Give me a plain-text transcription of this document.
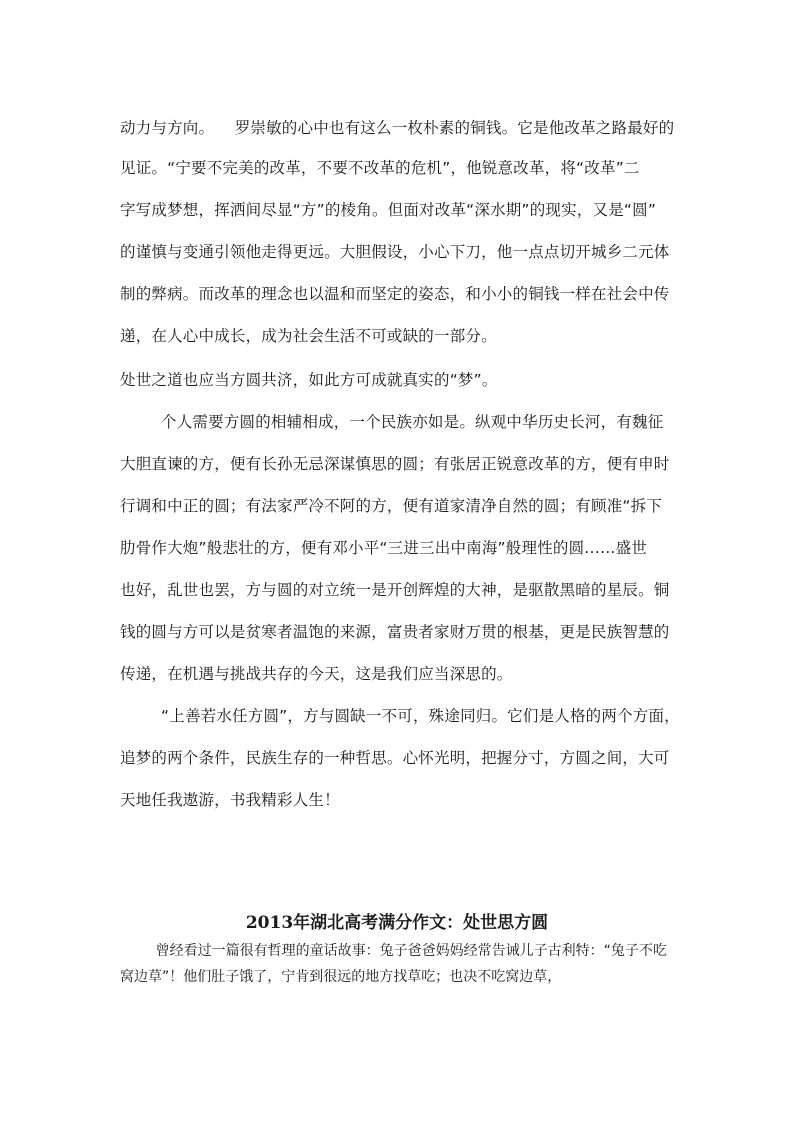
动力与方向。    罗崇敏的心中也有这么一枚朴素的铜钱。它是他改革之路最好的
见证。“宁要不完美的改革，不要不改革的危机”，他锐意改革，将“改革”二
字写成梦想，挥洒间尽显“方”的棱角。但面对改革“深水期”的现实，又是“圆”
的谨慎与变通引领他走得更远。大胆假设，小心下刀，他一点点切开城乡二元体
制的弊病。而改革的理念也以温和而坚定的姿态，和小小的铜钱一样在社会中传
递，在人心中成长，成为社会生活不可或缺的一部分。
处世之道也应当方圆共济，如此方可成就真实的“梦”。
个人需要方圆的相辅相成，一个民族亦如是。纵观中华历史长河，有魏征
大胆直谏的方，便有长孙无忌深谋慎思的圆；有张居正锐意改革的方，便有申时
行调和中正的圆；有法家严冷不阿的方，便有道家清净自然的圆；有顾准“拆下
肋骨作大炮”般悲壮的方，便有邓小平“三进三出中南海”般理性的圆……盛世
也好，乱世也罢，方与圆的对立统一是开创辉煌的大神，是驱散黑暗的星辰。铜
钱的圆与方可以是贫寒者温饱的来源，富贵者家财万贯的根基，更是民族智慧的
传递，在机遇与挑战共存的今天，这是我们应当深思的。
“上善若水任方圆”，方与圆缺一不可，殊途同归。它们是人格的两个方面，
追梦的两个条件，民族生存的一种哲思。心怀光明，把握分寸，方圆之间，大可
天地任我遨游，书我精彩人生！
2013年湖北高考满分作文：处世思方圆
曾经看过一篇很有哲理的童话故事：兔子爸爸妈妈经常告诫儿子古利特：“兔子不吃
窝边草”！他们肚子饿了，宁肯到很远的地方找草吃；也决不吃窝边草，
